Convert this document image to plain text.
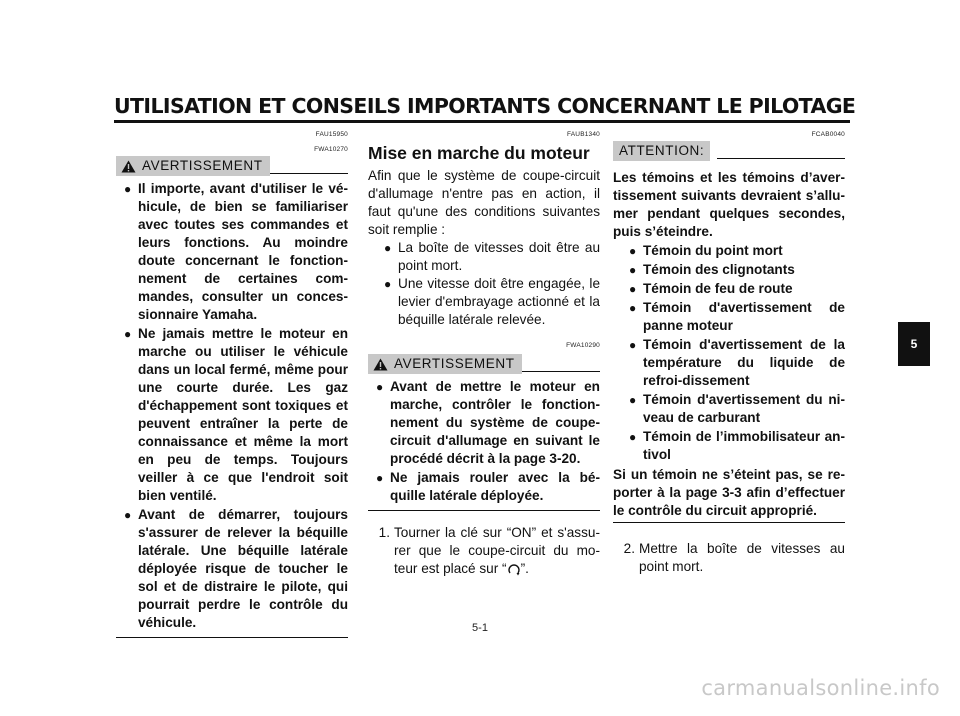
UTILISATION ET CONSEILS IMPORTANTS CONCERNANT LE PILOTAGE
FAU15950
FWA10270
AVERTISSEMENT
● Il importe, avant d'utiliser le vé-hicule, de bien se familiariser avec toutes ses commandes et leurs fonctions. Au moindre doute concernant le fonction-nement de certaines com-mandes, consulter un conces-sionnaire Yamaha.
● Ne jamais mettre le moteur en marche ou utiliser le véhicule dans un local fermé, même pour une courte durée. Les gaz d'échappement sont toxiques et peuvent entraîner la perte de connaissance et même la mort en peu de temps. Toujours veiller à ce que l'endroit soit bien ventilé.
● Avant de démarrer, toujours s'assurer de relever la béquille latérale. Une béquille latérale déployée risque de toucher le sol et de distraire le pilote, qui pourrait perdre le contrôle du véhicule.
FAUB1340
Mise en marche du moteur
Afin que le système de coupe-circuit d'allumage n'entre pas en action, il faut qu'une des conditions suivantes soit remplie :
● La boîte de vitesses doit être au point mort.
● Une vitesse doit être engagée, le levier d'embrayage actionné et la béquille latérale relevée.
FWA10290
AVERTISSEMENT
● Avant de mettre le moteur en marche, contrôler le fonction-nement du système de coupe-circuit d'allumage en suivant le procédé décrit à la page 3-20.
● Ne jamais rouler avec la bé-quille latérale déployée.
1. Tourner la clé sur “ON” et s'assu-rer que le coupe-circuit du mo-teur est placé sur “ ”.
FCAB0040
ATTENTION:
Les témoins et les témoins d’aver-tissement suivants devraient s’allu-mer pendant quelques secondes, puis s’éteindre.
● Témoin du point mort
● Témoin des clignotants
● Témoin de feu de route
● Témoin d'avertissement de panne moteur
● Témoin d'avertissement de la température du liquide de refroi-dissement
● Témoin d'avertissement du ni-veau de carburant
● Témoin de l’immobilisateur an-tivol
Si un témoin ne s’éteint pas, se re-porter à la page 3-3 afin d’effectuer le contrôle du circuit approprié.
2. Mettre la boîte de vitesses au point mort.
5
5-1
carmanualsonline.info
